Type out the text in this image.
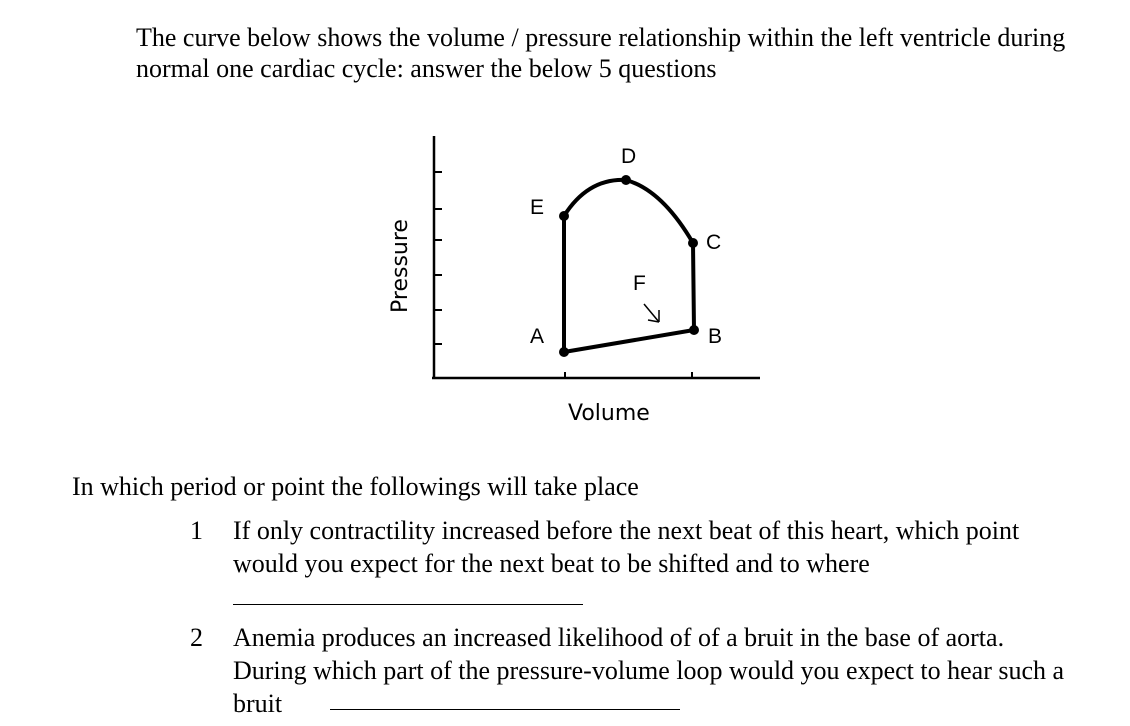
The curve below shows the volume / pressure relationship within the left ventricle during normal one cardiac cycle: answer the below 5 questions
A	B
C
D
E
F
Pressure
Volume
In which period or point the followings will take place
1	If only contractility increased before the next beat of this heart, which point would you expect for the next beat to be shifted and to where
2	Anemia produces an increased likelihood of of a bruit in the base of aorta. During which part of the pressure-volume loop would you expect to hear such a bruit
